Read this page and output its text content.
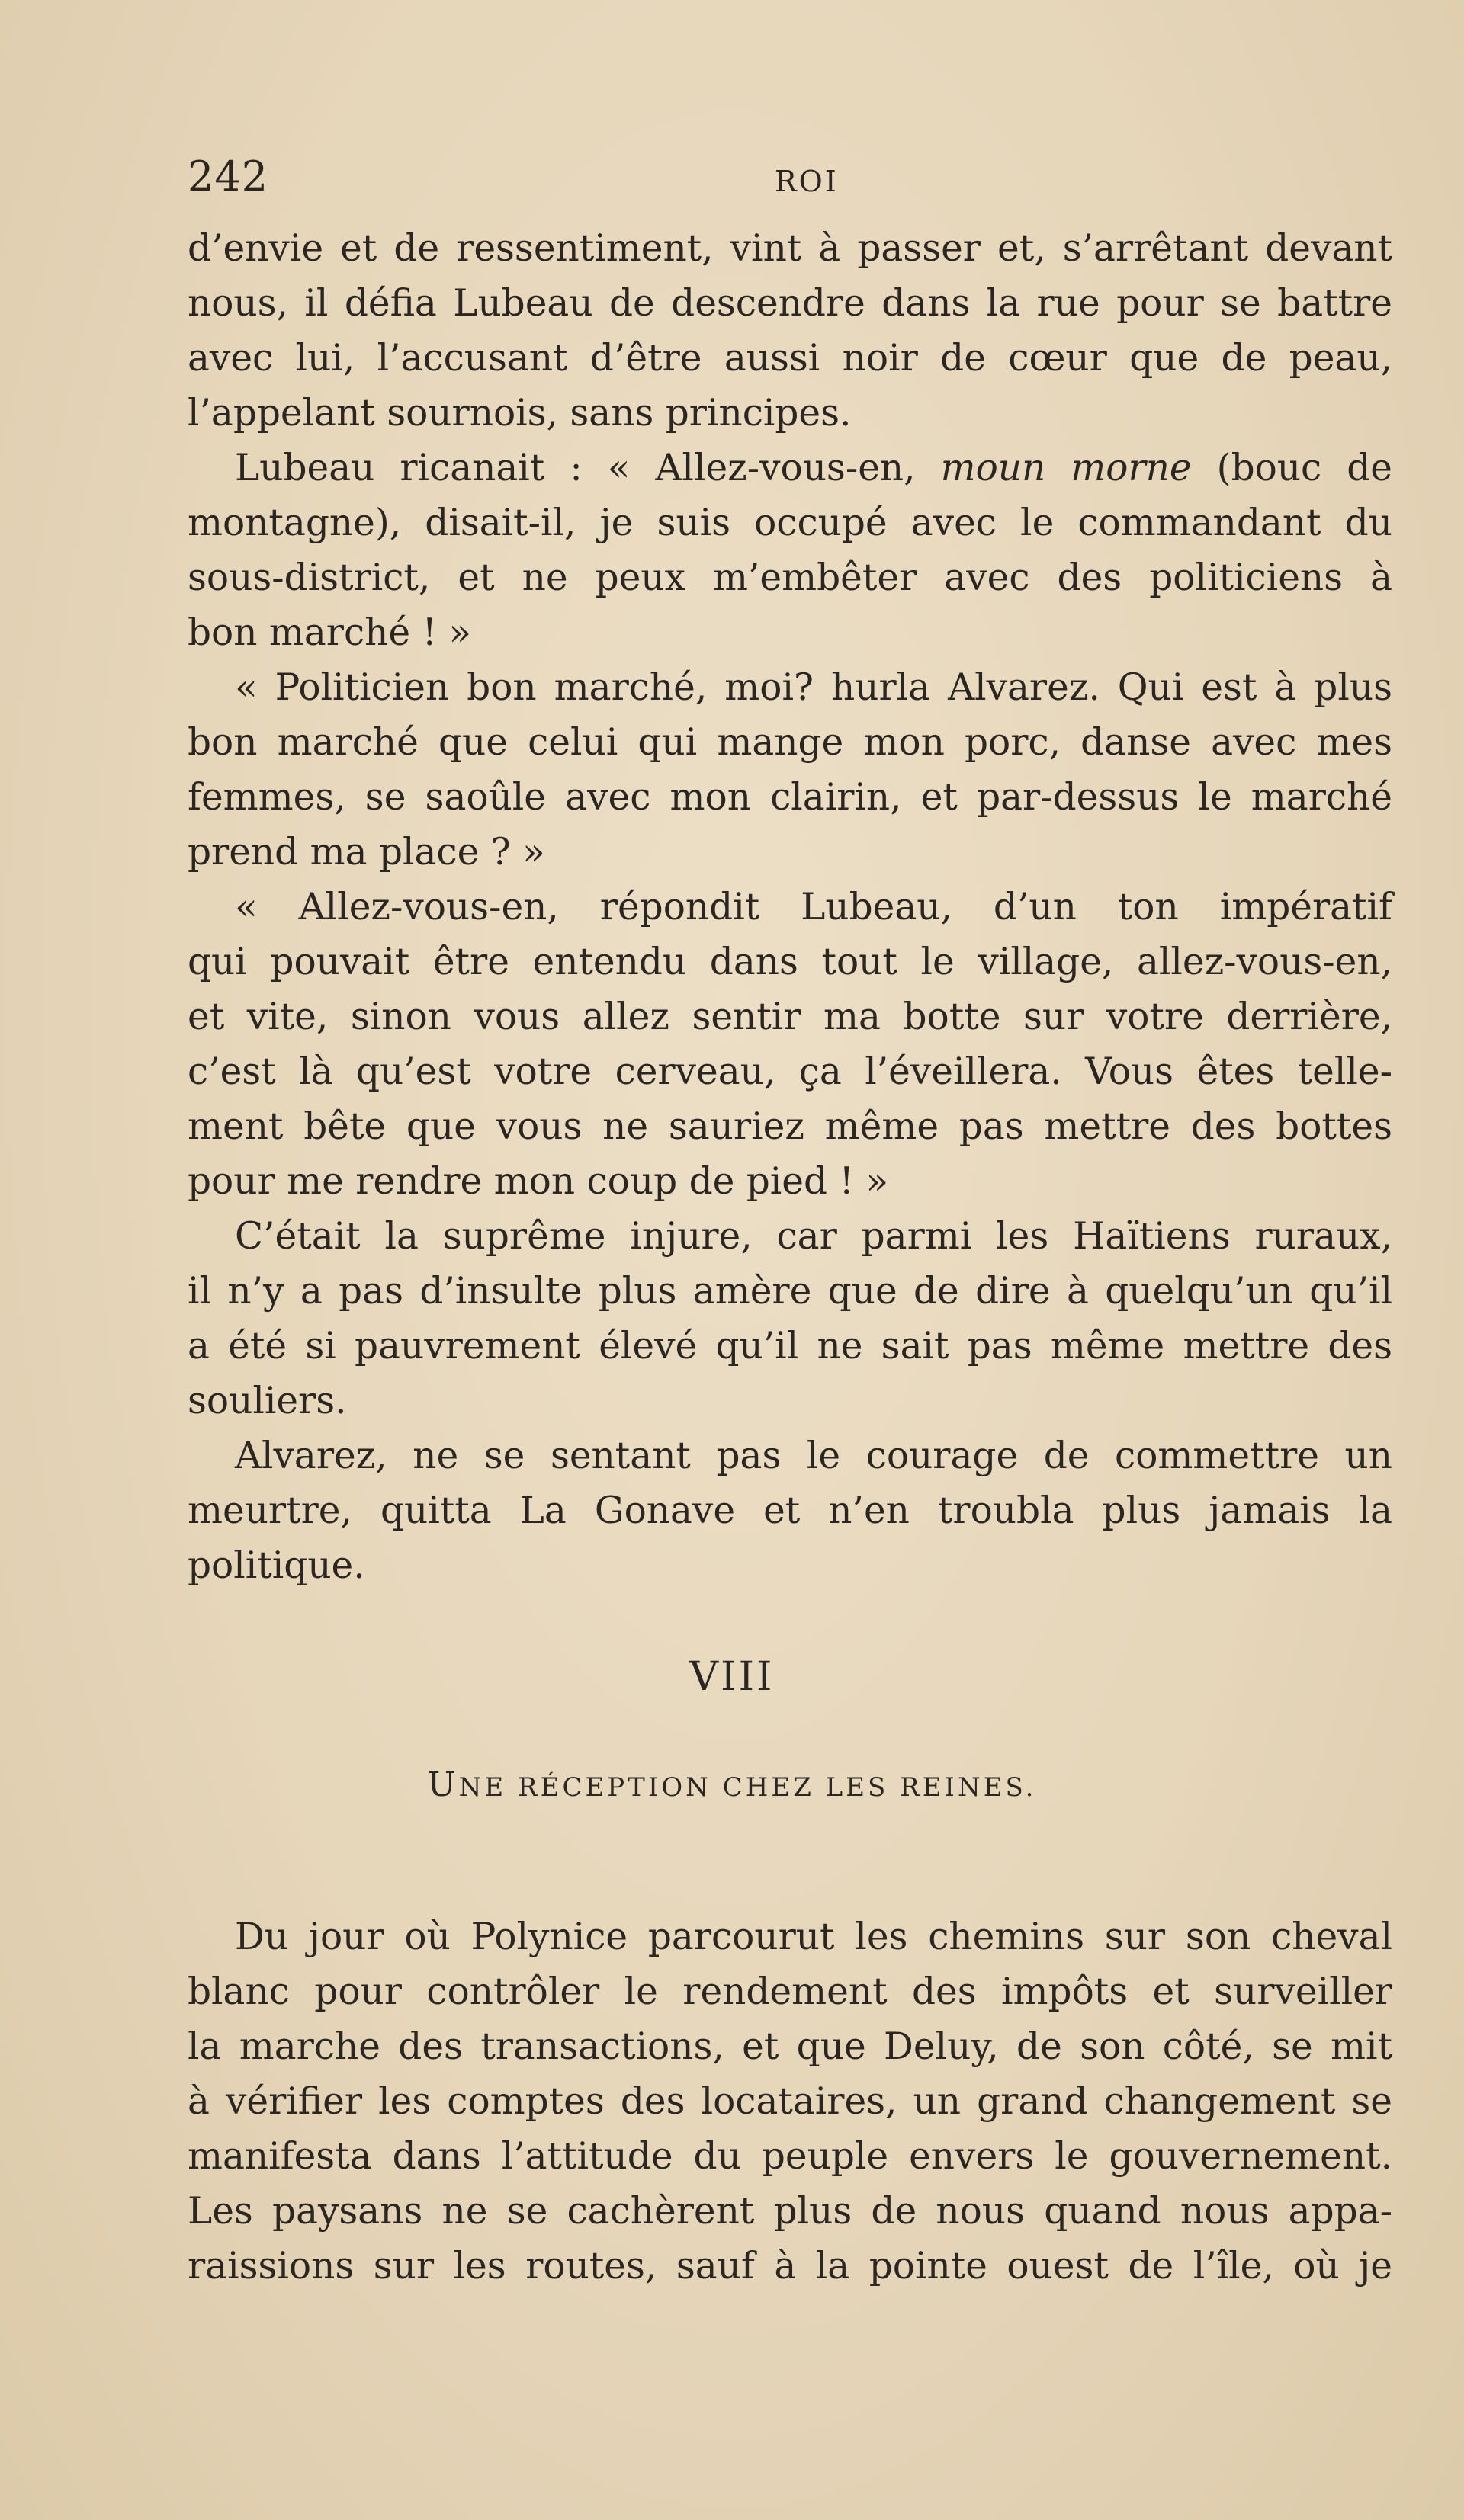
242	ROI
d’envie et de ressentiment, vint à passer et, s’arrêtant devant
nous, il défia Lubeau de descendre dans la rue pour se battre
avec lui, l’accusant d’être aussi noir de cœur que de peau,
l’appelant sournois, sans principes.
Lubeau ricanait : « Allez-vous-en, moun morne (bouc de
montagne), disait-il, je suis occupé avec le commandant du
sous-district, et ne peux m’embêter avec des politiciens à
bon marché ! »
« Politicien bon marché, moi? hurla Alvarez. Qui est à plus
bon marché que celui qui mange mon porc, danse avec mes
femmes, se saoûle avec mon clairin, et par-dessus le marché
prend ma place ? »
« Allez-vous-en, répondit Lubeau, d’un ton impératif
qui pouvait être entendu dans tout le village, allez-vous-en,
et vite, sinon vous allez sentir ma botte sur votre derrière,
c’est là qu’est votre cerveau, ça l’éveillera. Vous êtes telle-
ment bête que vous ne sauriez même pas mettre des bottes
pour me rendre mon coup de pied ! »
C’était la suprême injure, car parmi les Haïtiens ruraux,
il n’y a pas d’insulte plus amère que de dire à quelqu’un qu’il
a été si pauvrement élevé qu’il ne sait pas même mettre des
souliers.
Alvarez, ne se sentant pas le courage de commettre un
meurtre, quitta La Gonave et n’en troubla plus jamais la
politique.
VIII
UNE RÉCEPTION CHEZ LES REINES.
Du jour où Polynice parcourut les chemins sur son cheval
blanc pour contrôler le rendement des impôts et surveiller
la marche des transactions, et que Deluy, de son côté, se mit
à vérifier les comptes des locataires, un grand changement se
manifesta dans l’attitude du peuple envers le gouvernement.
Les paysans ne se cachèrent plus de nous quand nous appa-
raissions sur les routes, sauf à la pointe ouest de l’île, où je
